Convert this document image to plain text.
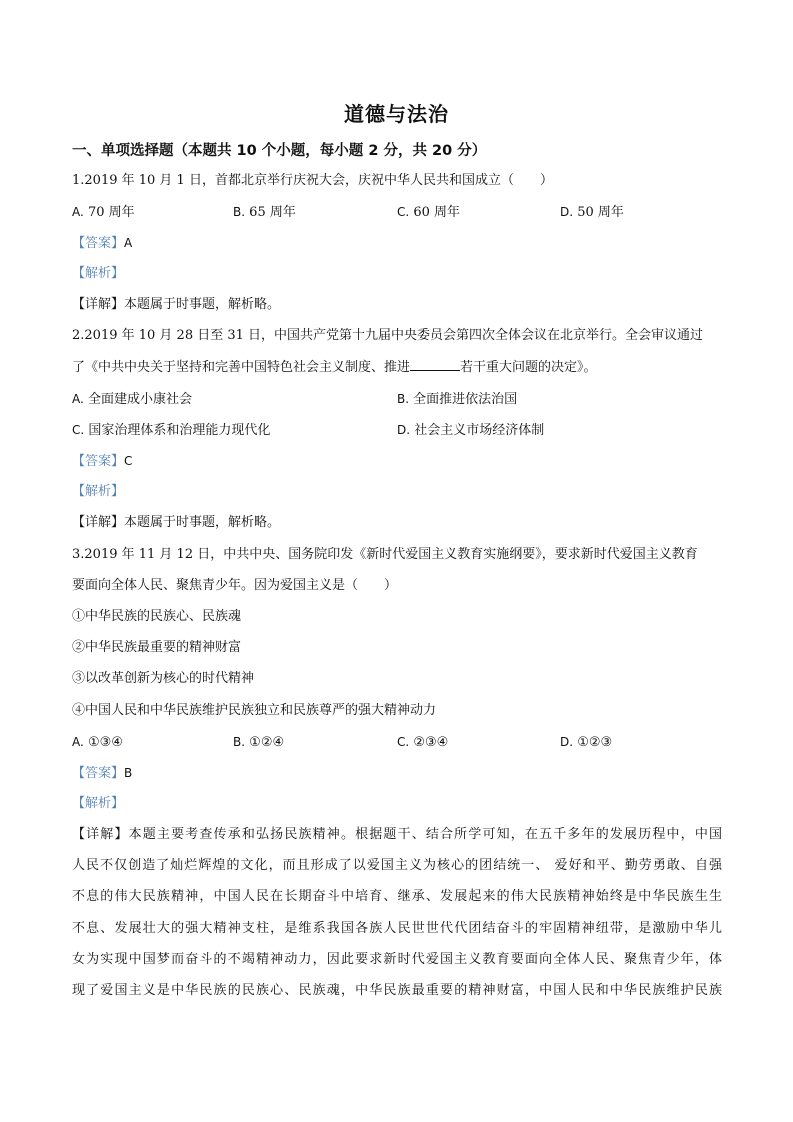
道德与法治
一、单项选择题（本题共 10 个小题，每小题 2 分，共 20 分）
1.2019 年 10 月 1 日，首都北京举行庆祝大会，庆祝中华人民共和国成立（　　）
A. 70 周年	B. 65 周年	C. 60 周年	D. 50 周年
【答案】A
【解析】
【详解】本题属于时事题，解析略。
2.2019 年 10 月 28 日至 31 日，中国共产党第十九届中央委员会第四次全体会议在北京举行。全会审议通过
了《中共中央关于坚持和完善中国特色社会主义制度、推进	若干重大问题的决定》。
A. 全面建成小康社会	B. 全面推进依法治国
C. 国家治理体系和治理能力现代化	D. 社会主义市场经济体制
【答案】C
【解析】
【详解】本题属于时事题，解析略。
3.2019 年 11 月 12 日，中共中央、国务院印发《新时代爱国主义教育实施纲要》，要求新时代爱国主义教育
要面向全体人民、聚焦青少年。因为爱国主义是（　　）
①中华民族的民族心、民族魂
②中华民族最重要的精神财富
③以改革创新为核心的时代精神
④中国人民和中华民族维护民族独立和民族尊严的强大精神动力
A. ①③④	B. ①②④	C. ②③④	D. ①②③
【答案】B
【解析】
【详解】本题主要考查传承和弘扬民族精神。根据题干、结合所学可知，在五千多年的发展历程中，中国
人民不仅创造了灿烂辉煌的文化，而且形成了以爱国主义为核心的团结统一、 爱好和平、勤劳勇敢、自强
不息的伟大民族精神，中国人民在长期奋斗中培育、继承、发展起来的伟大民族精神始终是中华民族生生
不息、发展壮大的强大精神支柱，是维系我国各族人民世世代代团结奋斗的牢固精神纽带，是激励中华儿
女为实现中国梦而奋斗的不竭精神动力，因此要求新时代爱国主义教育要面向全体人民、聚焦青少年，体
现了爱国主义是中华民族的民族心、民族魂，中华民族最重要的精神财富，中国人民和中华民族维护民族
